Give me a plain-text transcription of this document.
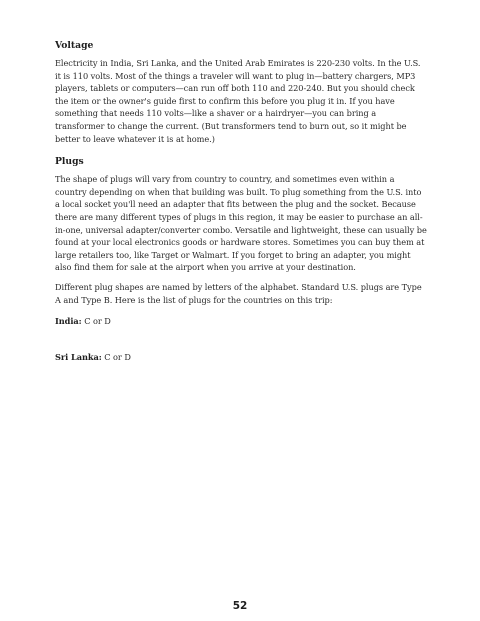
Voltage

Electricity in India, Sri Lanka, and the United Arab Emirates is 220-230 volts. In the U.S. it is 110 volts. Most of the things a traveler will want to plug in—battery chargers, MP3 players, tablets or computers—can run off both 110 and 220-240. But you should check the item or the owner's guide first to confirm this before you plug it in. If you have something that needs 110 volts—like a shaver or a hairdryer—you can bring a transformer to change the current. (But transformers tend to burn out, so it might be better to leave whatever it is at home.)

Plugs

The shape of plugs will vary from country to country, and sometimes even within a country depending on when that building was built. To plug something from the U.S. into a local socket you'll need an adapter that fits between the plug and the socket. Because there are many different types of plugs in this region, it may be easier to purchase an all-in-one, universal adapter/converter combo. Versatile and lightweight, these can usually be found at your local electronics goods or hardware stores. Sometimes you can buy them at large retailers too, like Target or Walmart. If you forget to bring an adapter, you might also find them for sale at the airport when you arrive at your destination.

Different plug shapes are named by letters of the alphabet. Standard U.S. plugs are Type A and Type B. Here is the list of plugs for the countries on this trip:

India: C or D

Sri Lanka: C or D

52
